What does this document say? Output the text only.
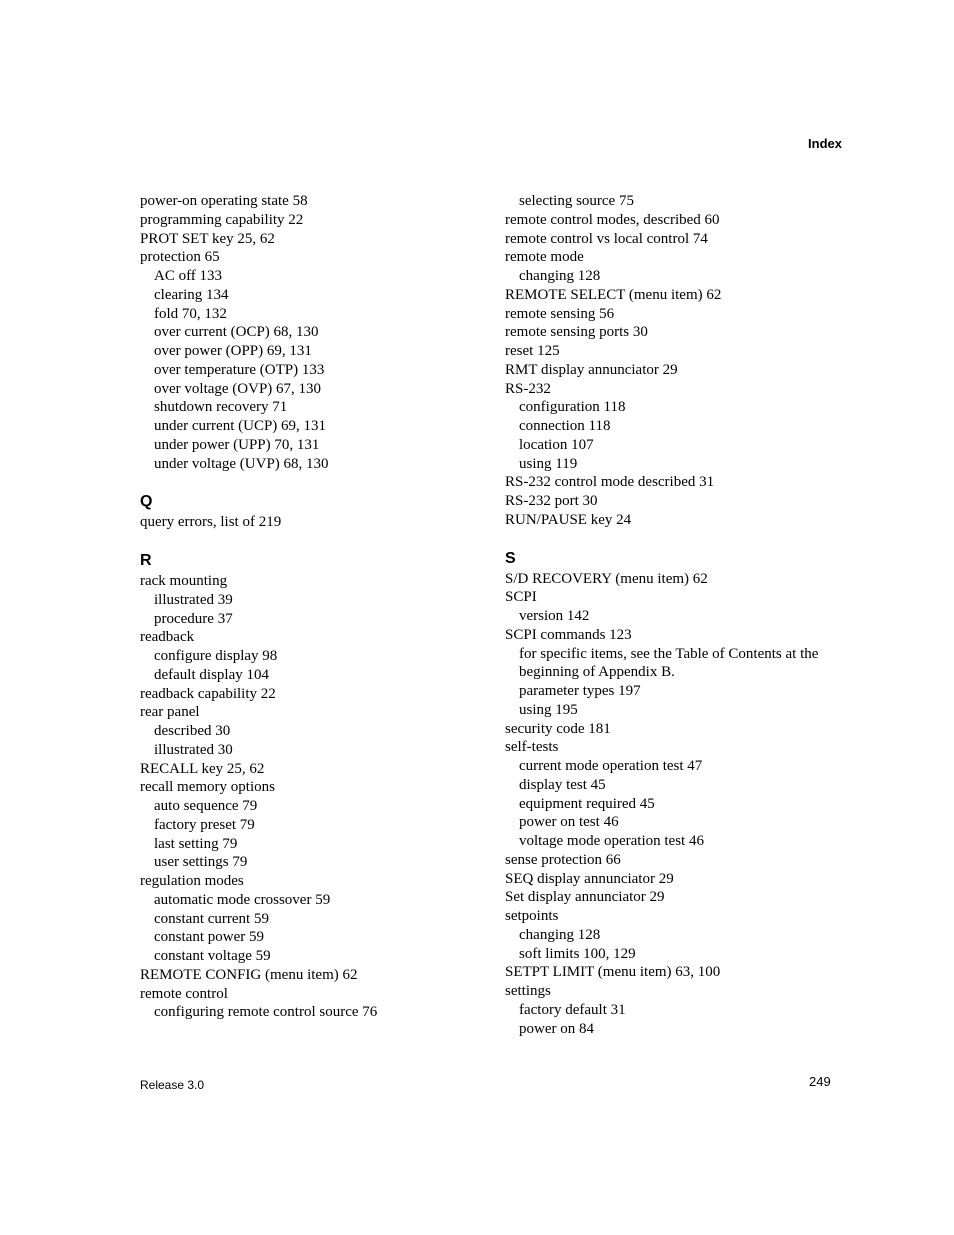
Index
power-on operating state 58
programming capability 22
PROT SET key 25, 62
protection 65
AC off 133
clearing 134
fold 70, 132
over current (OCP) 68, 130
over power (OPP) 69, 131
over temperature (OTP) 133
over voltage (OVP) 67, 130
shutdown recovery 71
under current (UCP) 69, 131
under power (UPP) 70, 131
under voltage (UVP) 68, 130
Q
query errors, list of 219
R
rack mounting
illustrated 39
procedure 37
readback
configure display 98
default display 104
readback capability 22
rear panel
described 30
illustrated 30
RECALL key 25, 62
recall memory options
auto sequence 79
factory preset 79
last setting 79
user settings 79
regulation modes
automatic mode crossover 59
constant current 59
constant power 59
constant voltage 59
REMOTE CONFIG (menu item) 62
remote control
configuring remote control source 76
selecting source 75
remote control modes, described 60
remote control vs local control 74
remote mode
changing 128
REMOTE SELECT (menu item) 62
remote sensing 56
remote sensing ports 30
reset 125
RMT display annunciator 29
RS-232
configuration 118
connection 118
location 107
using 119
RS-232 control mode described 31
RS-232 port 30
RUN/PAUSE key 24
S
S/D RECOVERY (menu item) 62
SCPI
version 142
SCPI commands 123
for specific items, see the Table of Contents at the
beginning of Appendix B.
parameter types 197
using 195
security code 181
self-tests
current mode operation test 47
display test 45
equipment required 45
power on test 46
voltage mode operation test 46
sense protection 66
SEQ display annunciator 29
Set display annunciator 29
setpoints
changing 128
soft limits 100, 129
SETPT LIMIT (menu item) 63, 100
settings
factory default 31
power on 84
Release 3.0	249
